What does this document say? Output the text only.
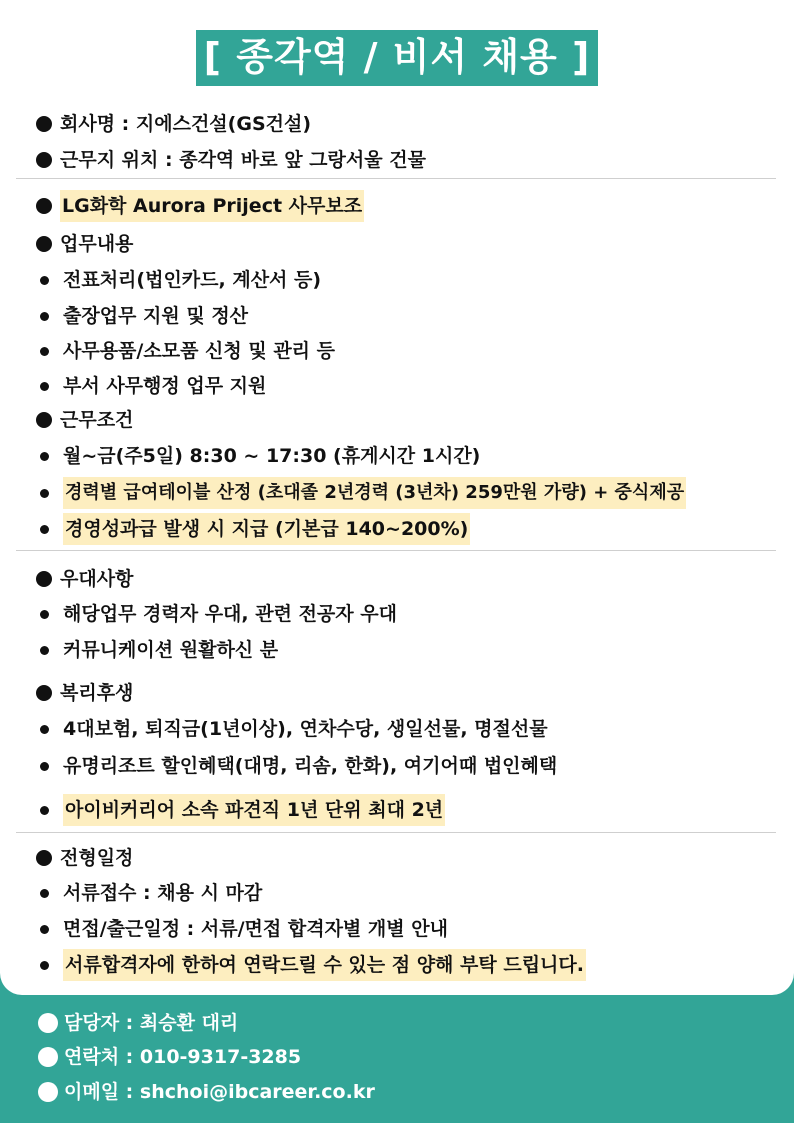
[ 종각역 / 비서 채용 ]
회사명 : 지에스건설(GS건설)
근무지 위치 : 종각역 바로 앞 그랑서울 건물
LG화학 Aurora Priject 사무보조
업무내용
전표처리(법인카드, 계산서 등)
출장업무 지원 및 정산
사무용품/소모품 신청 및 관리 등
부서 사무행정 업무 지원
근무조건
월~금(주5일) 8:30 ~ 17:30 (휴게시간 1시간)
경력별 급여테이블 산정 (초대졸 2년경력 (3년차) 259만원 가량) + 중식제공
경영성과급 발생 시 지급 (기본급 140~200%)
우대사항
해당업무 경력자 우대, 관련 전공자 우대
커뮤니케이션 원활하신 분
복리후생
4대보험, 퇴직금(1년이상), 연차수당, 생일선물, 명절선물
유명리조트 할인혜택(대명, 리솜, 한화), 여기어때 법인혜택
아이비커리어 소속 파견직 1년 단위 최대 2년
전형일정
서류접수 : 채용 시 마감
면접/출근일정 : 서류/면접 합격자별 개별 안내
서류합격자에 한하여 연락드릴 수 있는 점 양해 부탁 드립니다.
담당자 : 최승환 대리
연락처 : 010-9317-3285
이메일 : shchoi@ibcareer.co.kr
